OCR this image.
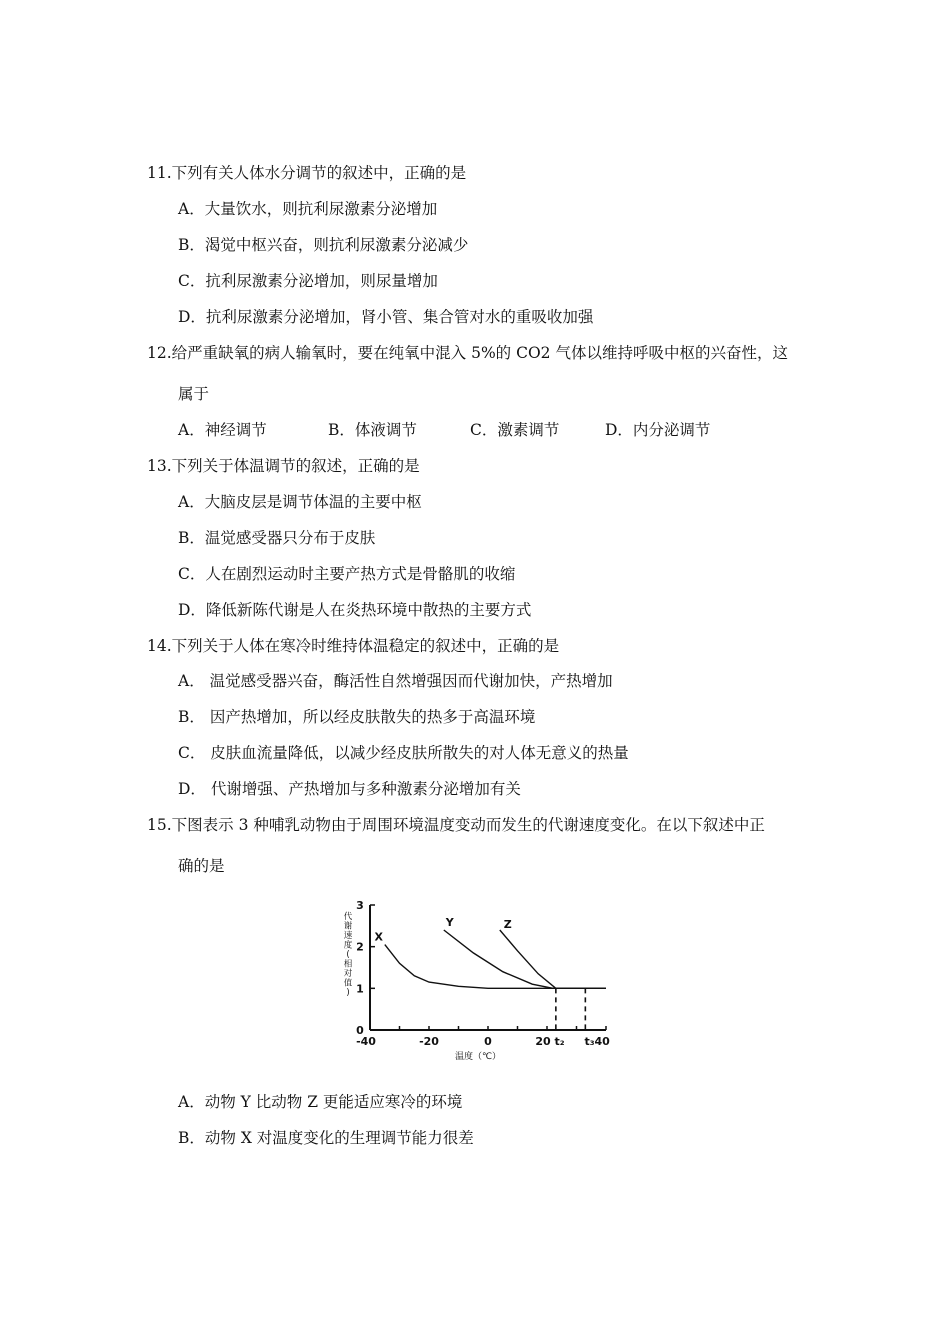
11.下列有关人体水分调节的叙述中，正确的是
A．大量饮水，则抗利尿激素分泌增加
B．渴觉中枢兴奋，则抗利尿激素分泌减少
C．抗利尿激素分泌增加，则尿量增加
D．抗利尿激素分泌增加，肾小管、集合管对水的重吸收加强
12.给严重缺氧的病人输氧时，要在纯氧中混入 5%的 CO2 气体以维持呼吸中枢的兴奋性，这
属于
A．神经调节	B．体液调节	C．激素调节	D．内分泌调节
13.下列关于体温调节的叙述，正确的是
A．大脑皮层是调节体温的主要中枢
B．温觉感受器只分布于皮肤
C．人在剧烈运动时主要产热方式是骨骼肌的收缩
D．降低新陈代谢是人在炎热环境中散热的主要方式
14.下列关于人体在寒冷时维持体温稳定的叙述中，正确的是
A． 温觉感受器兴奋，酶活性自然增强因而代谢加快，产热增加
B． 因产热增加，所以经皮肤散失的热多于高温环境
C． 皮肤血流量降低，以减少经皮肤所散失的对人体无意义的热量
D． 代谢增强、产热增加与多种激素分泌增加有关
15.下图表示 3 种哺乳动物由于周围环境温度变动而发生的代谢速度变化。在以下叙述中正
确的是
0
1
2
3
-40	-20	0	20 t₂ t₃40
温度（℃）
代
谢
速
度
(
相
对
值
)
X
Y	Z
A．动物 Y 比动物 Z 更能适应寒冷的环境
B．动物 X 对温度变化的生理调节能力很差
